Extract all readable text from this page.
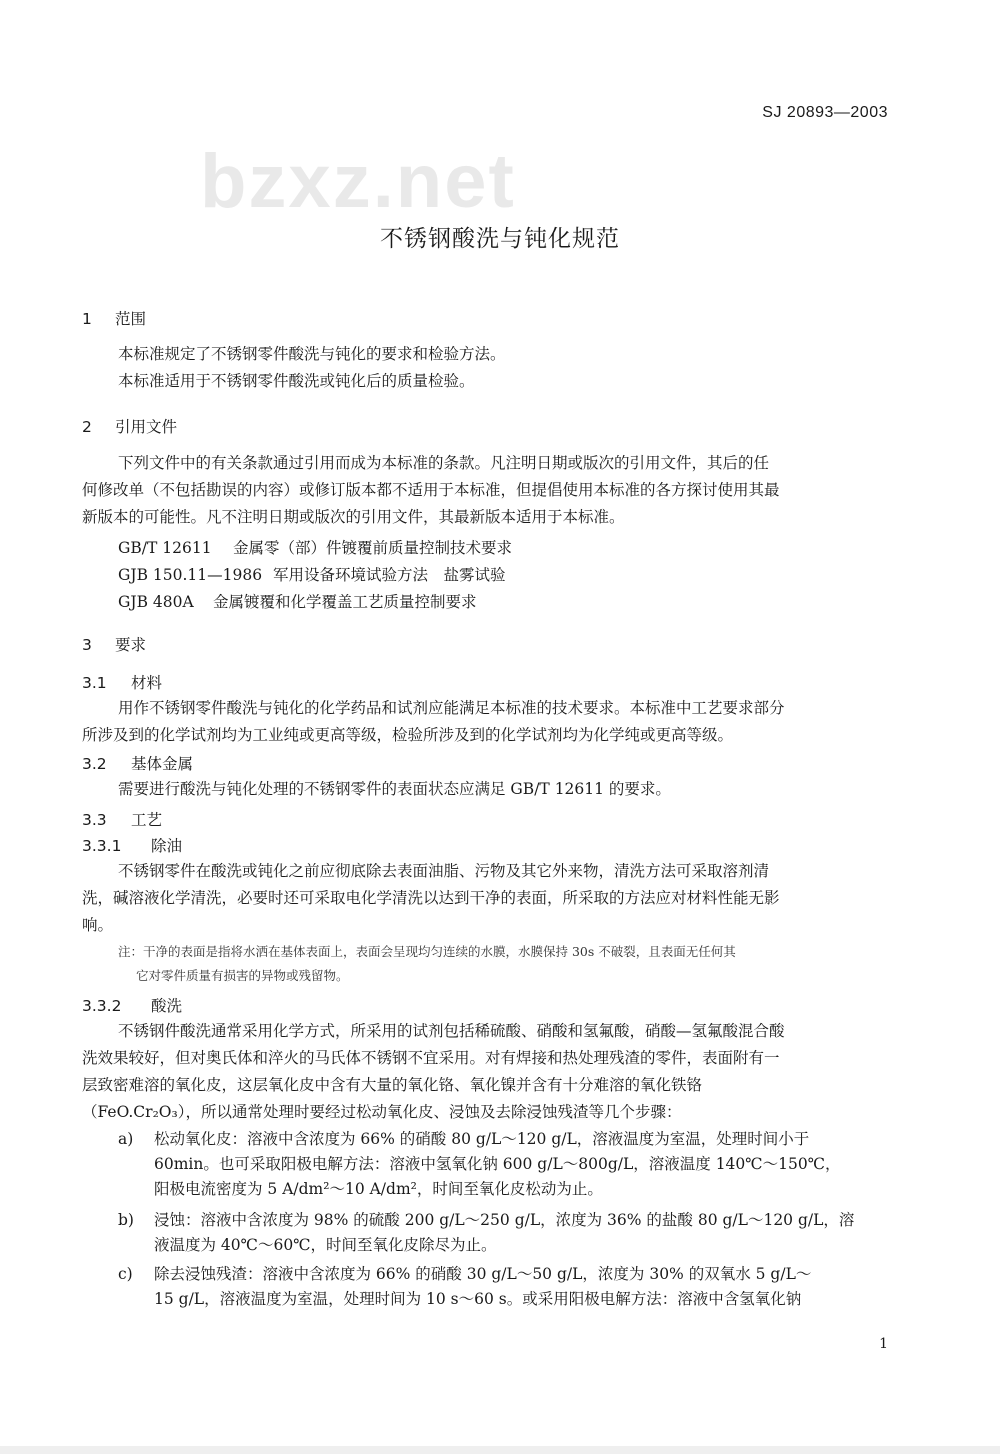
bzxz.net
SJ 20893—2003
不锈钢酸洗与钝化规范
1 范围
本标准规定了不锈钢零件酸洗与钝化的要求和检验方法。
本标准适用于不锈钢零件酸洗或钝化后的质量检验。
2 引用文件
下列文件中的有关条款通过引用而成为本标准的条款。凡注明日期或版次的引用文件，其后的任
何修改单（不包括勘误的内容）或修订版本都不适用于本标准，但提倡使用本标准的各方探讨使用其最
新版本的可能性。凡不注明日期或版次的引用文件，其最新版本适用于本标准。
GB/T 12611 金属零（部）件镀覆前质量控制技术要求
GJB 150.11—1986 军用设备环境试验方法　盐雾试验
GJB 480A 金属镀覆和化学覆盖工艺质量控制要求
3 要求
3.1 材料
用作不锈钢零件酸洗与钝化的化学药品和试剂应能满足本标准的技术要求。本标准中工艺要求部分
所涉及到的化学试剂均为工业纯或更高等级，检验所涉及到的化学试剂均为化学纯或更高等级。
3.2 基体金属
需要进行酸洗与钝化处理的不锈钢零件的表面状态应满足 GB/T 12611 的要求。
3.3 工艺
3.3.1 除油
不锈钢零件在酸洗或钝化之前应彻底除去表面油脂、污物及其它外来物，清洗方法可采取溶剂清
洗，碱溶液化学清洗，必要时还可采取电化学清洗以达到干净的表面，所采取的方法应对材料性能无影
响。
注：干净的表面是指将水洒在基体表面上，表面会呈现均匀连续的水膜，水膜保持 30s 不破裂，且表面无任何其
它对零件质量有损害的异物或残留物。
3.3.2 酸洗
不锈钢件酸洗通常采用化学方式，所采用的试剂包括稀硫酸、硝酸和氢氟酸，硝酸—氢氟酸混合酸
洗效果较好，但对奥氏体和淬火的马氏体不锈钢不宜采用。对有焊接和热处理残渣的零件，表面附有一
层致密难溶的氧化皮，这层氧化皮中含有大量的氧化铬、氧化镍并含有十分难溶的氧化铁铬
（FeO.Cr₂O₃），所以通常处理时要经过松动氧化皮、浸蚀及去除浸蚀残渣等几个步骤：
a) 松动氧化皮：溶液中含浓度为 66% 的硝酸 80 g/L～120 g/L，溶液温度为室温，处理时间小于
60min。也可采取阳极电解方法：溶液中氢氧化钠 600 g/L～800g/L，溶液温度 140℃～150℃，
阳极电流密度为 5 A/dm²～10 A/dm²，时间至氧化皮松动为止。
b) 浸蚀：溶液中含浓度为 98% 的硫酸 200 g/L～250 g/L，浓度为 36% 的盐酸 80 g/L～120 g/L，溶
液温度为 40℃～60℃，时间至氧化皮除尽为止。
c) 除去浸蚀残渣：溶液中含浓度为 66% 的硝酸 30 g/L～50 g/L，浓度为 30% 的双氧水 5 g/L～
15 g/L，溶液温度为室温，处理时间为 10 s～60 s。或采用阳极电解方法：溶液中含氢氧化钠
1
